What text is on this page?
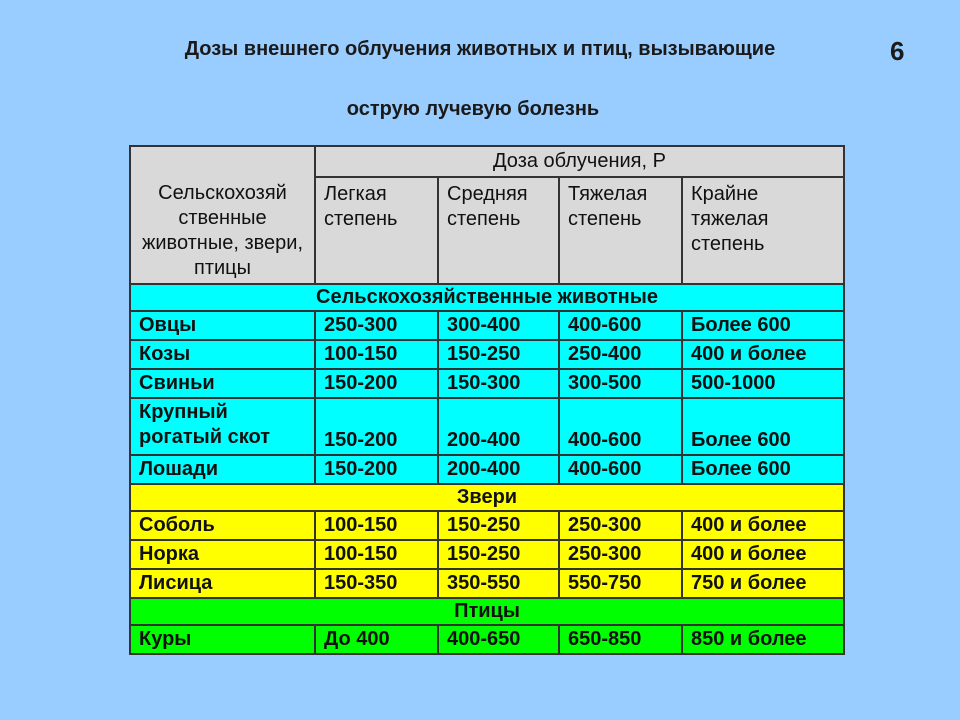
Дозы внешнего облучения животных и птиц, вызывающие
острую лучевую болезнь
6
Сельскохозяй ственные животные, звери, птицы	Доза облучения, Р			
	Легкая степень	Средняя степень	Тяжелая степень	Крайне тяжелая степень
Сельскохозяйственные животные				
Овцы	250-300	300-400	400-600	Более 600
Козы	100-150	150-250	250-400	400 и более
Свиньи	150-200	150-300	300-500	500-1000
Крупный рогатый скот	150-200	200-400	400-600	Более 600
Лошади	150-200	200-400	400-600	Более 600
Звери				
Соболь	100-150	150-250	250-300	400 и более
Норка	100-150	150-250	250-300	400 и более
Лисица	150-350	350-550	550-750	750 и более
Птицы				
Куры	До 400	400-650	650-850	850 и более
